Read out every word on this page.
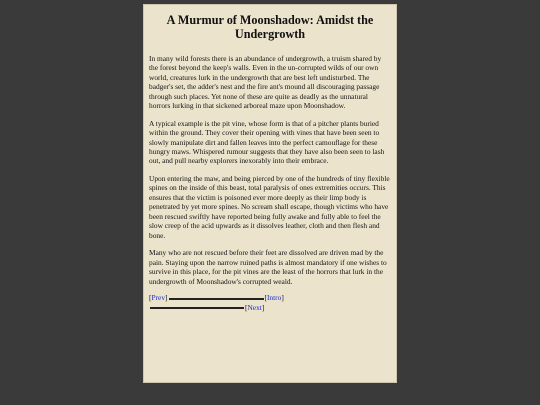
A Murmur of Moonshadow: Amidst the Undergrowth

In many wild forests there is an abundance of undergrowth, a truism shared by the forest beyond the keep's walls. Even in the un-corrupted wilds of our own world, creatures lurk in the undergrowth that are best left undisturbed. The badger's set, the adder's nest and the fire ant's mound all discouraging passage through such places. Yet none of these are quite as deadly as the unnatural horrors lurking in that sickened arboreal maze upon Moonshadow.

A typical example is the pit vine, whose form is that of a pitcher plants buried within the ground. They cover their opening with vines that have been seen to slowly manipulate dirt and fallen leaves into the perfect camouflage for these hungry maws. Whispered rumour suggests that they have also been seen to lash out, and pull nearby explorers inexorably into their embrace.

Upon entering the maw, and being pierced by one of the hundreds of tiny flexible spines on the inside of this beast, total paralysis of ones extremities occurs. This ensures that the victim is poisoned ever more deeply as their limp body is penetrated by yet more spines. No scream shall escape, though victims who have been rescued swiftly have reported being fully awake and fully able to feel the slow creep of the acid upwards as it dissolves leather, cloth and then flesh and bone.

Many who are not rescued before their feet are dissolved are driven mad by the pain. Staying upon the narrow ruined paths is almost mandatory if one wishes to survive in this place, for the pit vines are the least of the horrors that lurk in the undergrowth of Moonshadow's corrupted weald.

[ Prev ]	[ Intro ]
[ Next ]
